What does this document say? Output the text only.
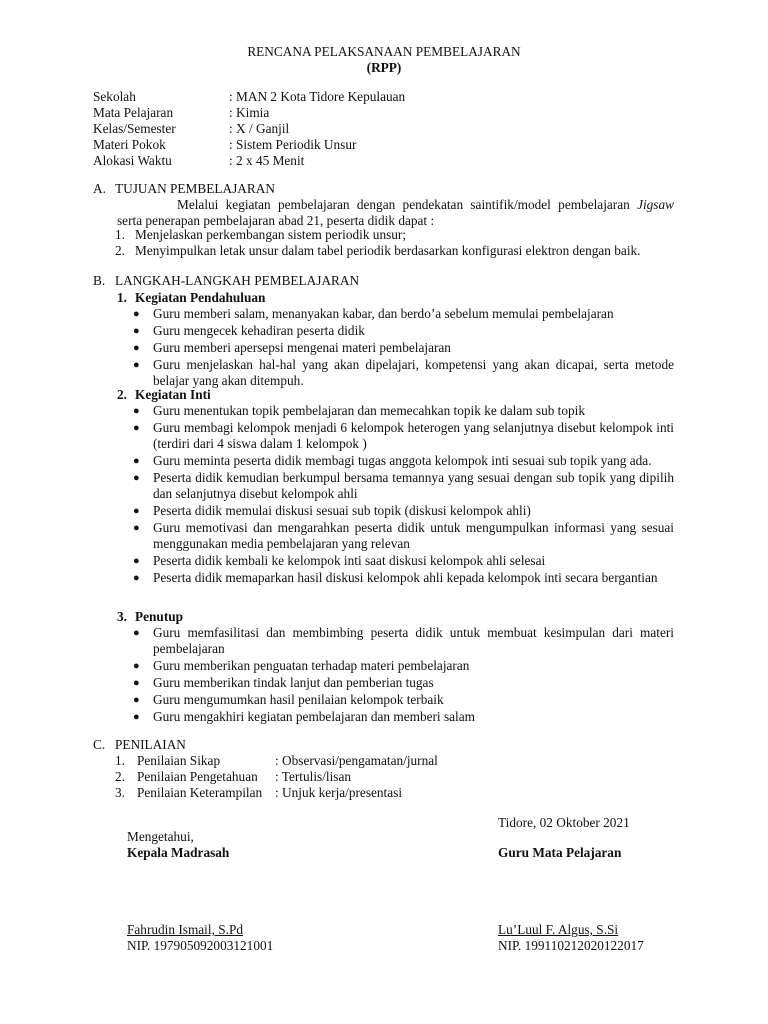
RENCANA PELAKSANAAN PEMBELAJARAN
(RPP)
Sekolah	: MAN 2 Kota Tidore Kepulauan
Mata Pelajaran	: Kimia
Kelas/Semester	: X / Ganjil
Materi Pokok	: Sistem Periodik Unsur
Alokasi Waktu	: 2 x 45 Menit
A. TUJUAN PEMBELAJARAN
Melalui kegiatan pembelajaran dengan pendekatan saintifik/model pembelajaran Jigsaw serta penerapan pembelajaran abad 21, peserta didik dapat :
1. Menjelaskan perkembangan sistem periodik unsur;
2. Menyimpulkan letak unsur dalam tabel periodik berdasarkan konfigurasi elektron dengan baik.
B. LANGKAH-LANGKAH PEMBELAJARAN
1. Kegiatan Pendahuluan
● Guru memberi salam, menanyakan kabar, dan berdo’a sebelum memulai pembelajaran
● Guru mengecek kehadiran peserta didik
● Guru memberi apersepsi mengenai materi pembelajaran
● Guru menjelaskan hal-hal yang akan dipelajari, kompetensi yang akan dicapai, serta metode belajar yang akan ditempuh.
2. Kegiatan Inti
● Guru menentukan topik pembelajaran dan memecahkan topik ke dalam sub topik
● Guru membagi kelompok menjadi 6 kelompok heterogen yang selanjutnya disebut kelompok inti (terdiri dari 4 siswa dalam 1 kelompok )
● Guru meminta peserta didik membagi tugas anggota kelompok inti sesuai sub topik yang ada.
● Peserta didik kemudian berkumpul bersama temannya yang sesuai dengan sub topik yang dipilih dan selanjutnya disebut kelompok ahli
● Peserta didik memulai diskusi sesuai sub topik (diskusi kelompok ahli)
● Guru memotivasi dan mengarahkan peserta didik untuk mengumpulkan informasi yang sesuai menggunakan media pembelajaran yang relevan
● Peserta didik kembali ke kelompok inti saat diskusi kelompok ahli selesai
● Peserta didik memaparkan hasil diskusi kelompok ahli kepada kelompok inti secara bergantian
3. Penutup
● Guru memfasilitasi dan membimbing peserta didik untuk membuat kesimpulan dari materi pembelajaran
● Guru memberikan penguatan terhadap materi pembelajaran
● Guru memberikan tindak lanjut dan pemberian tugas
● Guru mengumumkan hasil penilaian kelompok terbaik
● Guru mengakhiri kegiatan pembelajaran dan memberi salam
C. PENILAIAN
1. Penilaian Sikap	: Observasi/pengamatan/jurnal
2. Penilaian Pengetahuan : Tertulis/lisan
3. Penilaian Keterampilan : Unjuk kerja/presentasi
Tidore, 02 Oktober 2021
Mengetahui,
Kepala Madrasah	Guru Mata Pelajaran
Fahrudin Ismail, S.Pd
NIP. 197905092003121001
Lu’Luul F. Algus, S.Si
NIP. 199110212020122017
